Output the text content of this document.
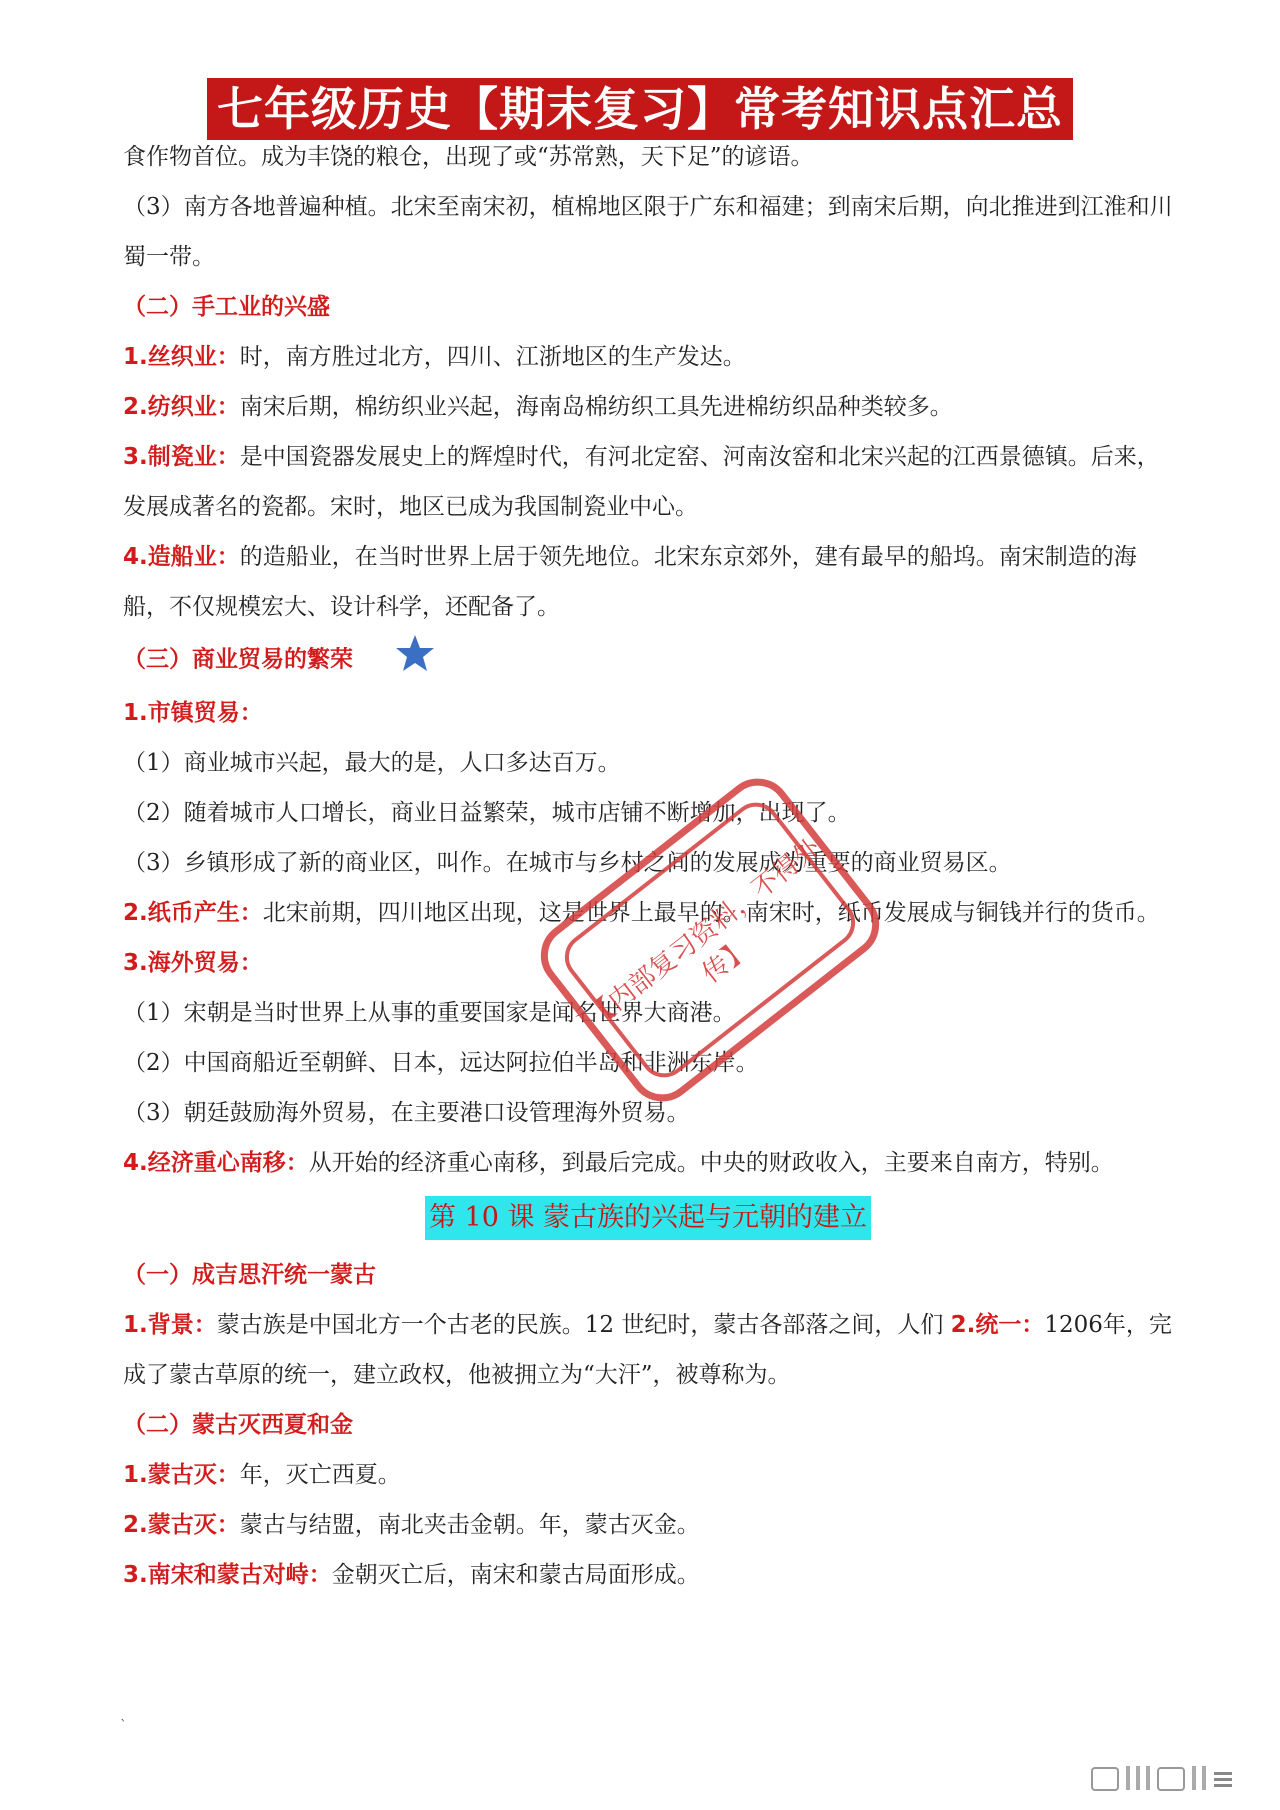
七年级历史【期末复习】常考知识点汇总

食作物首位。成为丰饶的粮仓，出现了或“苏常熟，天下足”的谚语。

（3）南方各地普遍种植。北宋至南宋初，植棉地区限于广东和福建；到南宋后期，向北推进到江淮和川蜀一带。

（二）手工业的兴盛

1.丝织业：时，南方胜过北方，四川、江浙地区的生产发达。

2.纺织业：南宋后期，棉纺织业兴起，海南岛棉纺织工具先进棉纺织品种类较多。

3.制瓷业：是中国瓷器发展史上的辉煌时代，有河北定窑、河南汝窑和北宋兴起的江西景德镇。后来，发展成著名的瓷都。宋时，地区已成为我国制瓷业中心。

4.造船业：的造船业，在当时世界上居于领先地位。北宋东京郊外，建有最早的船坞。南宋制造的海船，不仅规模宏大、设计科学，还配备了。

（三）商业贸易的繁荣

1.市镇贸易：

（1）商业城市兴起，最大的是，人口多达百万。

（2）随着城市人口增长，商业日益繁荣，城市店铺不断增加，出现了。

（3）乡镇形成了新的商业区，叫作。在城市与乡村之间的发展成为重要的商业贸易区。

2.纸币产生：北宋前期，四川地区出现，这是世界上最早的。南宋时，纸币发展成与铜钱并行的货币。

3.海外贸易：

（1）宋朝是当时世界上从事的重要国家是闻名世界大商港。

（2）中国商船近至朝鲜、日本，远达阿拉伯半岛和非洲东岸。

（3）朝廷鼓励海外贸易，在主要港口设管理海外贸易。

4.经济重心南移：从开始的经济重心南移，到最后完成。中央的财政收入，主要来自南方，特别。

第 10 课 蒙古族的兴起与元朝的建立

（一）成吉思汗统一蒙古

1.背景：蒙古族是中国北方一个古老的民族。12 世纪时，蒙古各部落之间，人们 2.统一：1206年，完成了蒙古草原的统一，建立政权，他被拥立为“大汗”，被尊称为。

（二）蒙古灭西夏和金

1.蒙古灭：年，灭亡西夏。

2.蒙古灭：蒙古与结盟，南北夹击金朝。年，蒙古灭金。

3.南宋和蒙古对峙：金朝灭亡后，南宋和蒙古局面形成。

【内部复习资料，不得外传】
`
